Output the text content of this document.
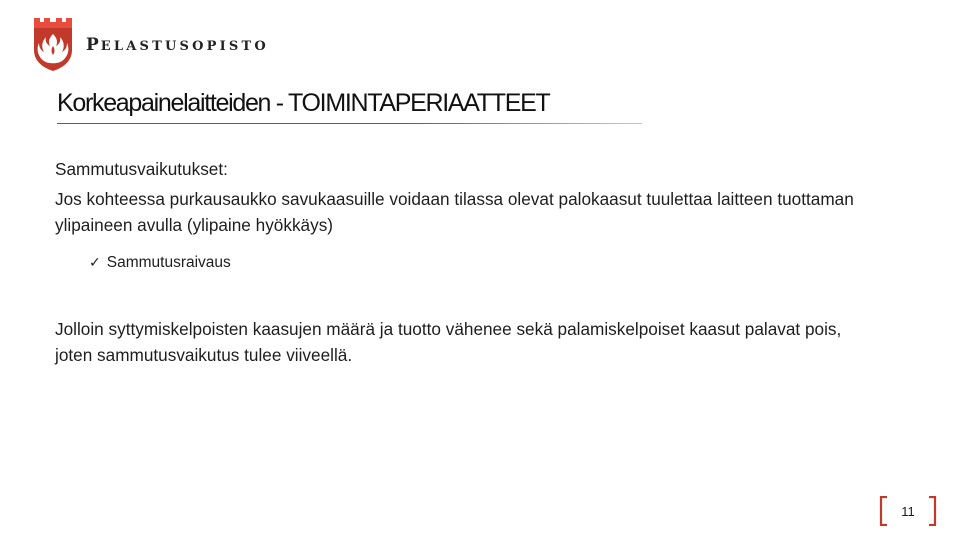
PELASTUSOPISTO
Korkeapainelaitteiden - TOIMINTAPERIAATTEET
Sammutusvaikutukset:
Jos kohteessa purkausaukko savukaasuille voidaan tilassa olevat palokaasut tuulettaa laitteen tuottaman ylipaineen avulla (ylipaine hyökkäys)
✓ Sammutusraivaus
Jolloin syttymiskelpoisten kaasujen määrä ja tuotto vähenee sekä palamiskelpoiset kaasut palavat pois, joten sammutusvaikutus tulee viiveellä.
11
